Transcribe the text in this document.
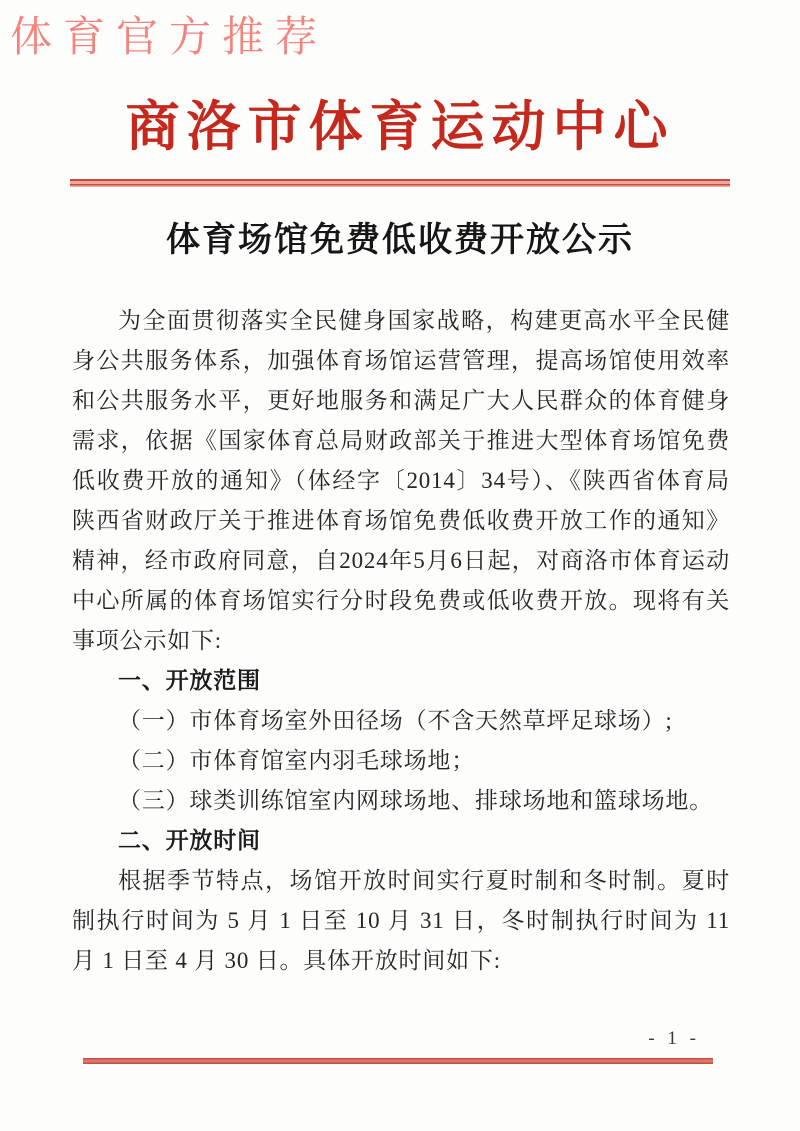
体育官方推荐
商洛市体育运动中心
体育场馆免费低收费开放公示

为全面贯彻落实全民健身国家战略，构建更高水平全民健身公共服务体系，加强体育场馆运营管理，提高场馆使用效率和公共服务水平，更好地服务和满足广大人民群众的体育健身需求，依据《国家体育总局财政部关于推进大型体育场馆免费低收费开放的通知》（体经字〔2014〕34号）、《陕西省体育局陕西省财政厅关于推进体育场馆免费低收费开放工作的通知》精神，经市政府同意，自2024年5月6日起，对商洛市体育运动中心所属的体育场馆实行分时段免费或低收费开放。现将有关事项公示如下:

一、开放范围

（一）市体育场室外田径场（不含天然草坪足球场）;

（二）市体育馆室内羽毛球场地；

（三）球类训练馆室内网球场地、排球场地和篮球场地。

二、开放时间

根据季节特点，场馆开放时间实行夏时制和冬时制。夏时制执行时间为 5 月 1 日至 10 月 31 日，冬时制执行时间为 11 月 1 日至 4 月 30 日。具体开放时间如下:

- 1 -
